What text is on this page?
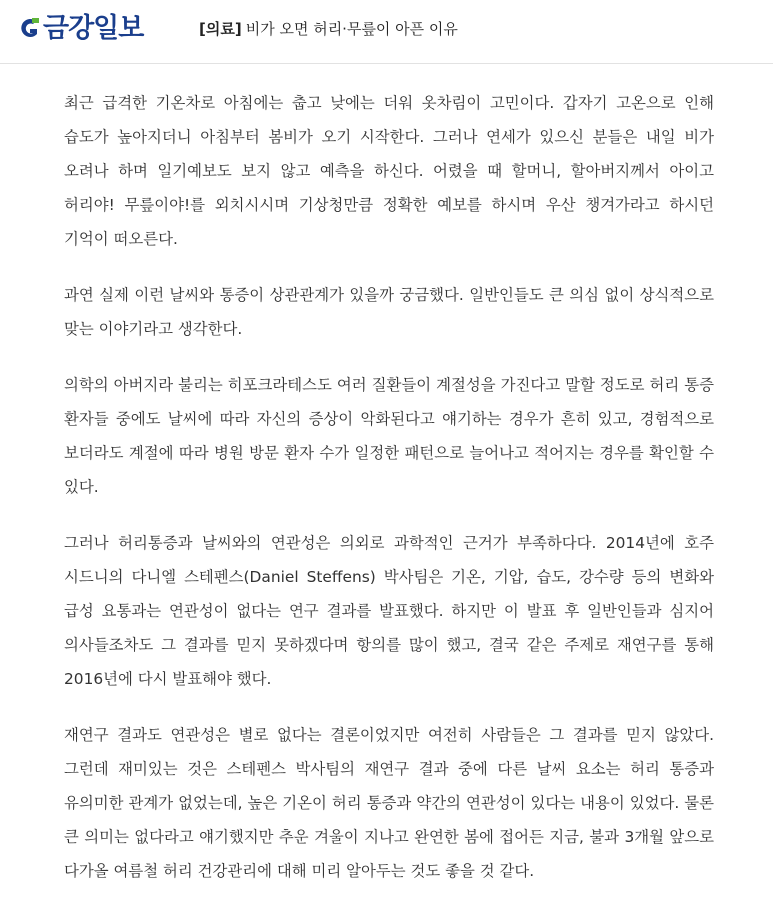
금강일보	[의료] 비가 오면 허리·무릎이 아픈 이유

최근 급격한 기온차로 아침에는 춥고 낮에는 더워 옷차림이 고민이다. 갑자기 고온으로 인해 습도가 높아지더니 아침부터 봄비가 오기 시작한다. 그러나 연세가 있으신 분들은 내일 비가 오려나 하며 일기예보도 보지 않고 예측을 하신다. 어렸을 때 할머니, 할아버지께서 아이고 허리야! 무릎이야!를 외치시시며 기상청만큼 정확한 예보를 하시며 우산 챙겨가라고 하시던 기억이 떠오른다.

과연 실제 이런 날씨와 통증이 상관관계가 있을까 궁금했다. 일반인들도 큰 의심 없이 상식적으로 맞는 이야기라고 생각한다.

의학의 아버지라 불리는 히포크라테스도 여러 질환들이 계절성을 가진다고 말할 정도로 허리 통증 환자들 중에도 날씨에 따라 자신의 증상이 악화된다고 얘기하는 경우가 흔히 있고, 경험적으로 보더라도 계절에 따라 병원 방문 환자 수가 일정한 패턴으로 늘어나고 적어지는 경우를 확인할 수 있다.

그러나 허리통증과 날씨와의 연관성은 의외로 과학적인 근거가 부족하다다. 2014년에 호주 시드니의 다니엘 스테펜스(Daniel Steffens) 박사팀은 기온, 기압, 습도, 강수량 등의 변화와 급성 요통과는 연관성이 없다는 연구 결과를 발표했다. 하지만 이 발표 후 일반인들과 심지어 의사들조차도 그 결과를 믿지 못하겠다며 항의를 많이 했고, 결국 같은 주제로 재연구를 통해 2016년에 다시 발표해야 했다.

재연구 결과도 연관성은 별로 없다는 결론이었지만 여전히 사람들은 그 결과를 믿지 않았다. 그런데 재미있는 것은 스테펜스 박사팀의 재연구 결과 중에 다른 날씨 요소는 허리 통증과 유의미한 관계가 없었는데, 높은 기온이 허리 통증과 약간의 연관성이 있다는 내용이 있었다. 물론 큰 의미는 없다라고 얘기했지만 추운 겨울이 지나고 완연한 봄에 접어든 지금, 불과 3개월 앞으로 다가올 여름철 허리 건강관리에 대해 미리 알아두는 것도 좋을 것 같다.
